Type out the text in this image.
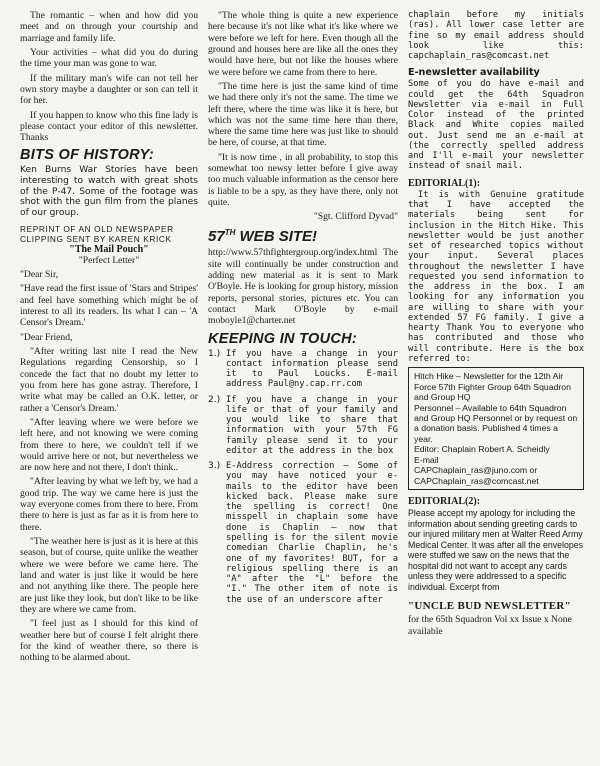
The romantic – when and how did you meet and on through your courtship and marriage and family life.

Your activities – what did you do during the time your man was gone to war.

If the military man's wife can not tell her own story maybe a daughter or son can tell it for her.

If you happen to know who this fine lady is please contact your editor of this newsletter. Thanks

BITS OF HISTORY:

Ken Burns War Stories have been interesting to watch with great shots of the P-47. Some of the footage was shot with the gun film from the planes of our group.

REPRINT OF AN OLD NEWSPAPER CLIPPING SENT BY KAREN KRICK
"The Mail Pouch"
"Perfect Letter"

"Dear Sir,

"Have read the first issue of 'Stars and Stripes' and feel have something which might be of interest to all its readers. Its what I can – 'A Censor's Dream.'

"Dear Friend,

"After writing last nite I read the New Regulations regarding Censorship, so I concede the fact that no doubt my letter to you from here has gone astray. Therefore, I write what may be called an O.K. letter, or rather a 'Censor's Dream.'

"After leaving where we were before we left here, and not knowing we were coming from there to here, we couldn't tell if we would arrive here or not, but nevertheless we are now here and not there, I don't think..

"After leaving by what we left by, we had a good trip. The way we came here is just the way everyone comes from there to here. From there to here is just as far as it is from here to there.

"The weather here is just as it is here at this season, but of course, quite unlike the weather where we were before we came here. The land and water is just like it would be here and not anything like there. The people here are just like they look, but don't like to be like they are where we came from.

"I feel just as I should for this kind of weather here but of course I felt alright there for the kind of weather there, so there is nothing to be alarmed about.

"The whole thing is quite a new experience here because it's not like what it's like where we were before we left for here. Even though all the ground and houses here are like all the ones they would have here, but not like the houses where we were before we came from there to here.

"The time here is just the same kind of time we had there only it's not the same. The time we left there, where the time was like it is here, but which was not the same time here than there, where the same time here was just like to should be here, of course, at that time.

"It is now time , in all probability, to stop this somewhat too newsy letter before I give away too much valuable information as the censor here is liable to be a spy, as they have there, only not quite.

"Sgt. Clifford Dyvad"
57TH WEB SITE!

http://www.57thfightergroup.org/index.html The site will continually be under construction and adding new material as it is sent to Mark O'Boyle. He is looking for group history, mission reports, personal stories, pictures etc. You can contact Mark O'Boyle by e-mail moboyle1@charter.net

KEEPING IN TOUCH:
1.) If you have a change in your contact information please send it to Paul Loucks. E-mail address Paul@ny.cap.rr.com
2.) If you have a change in your life or that of your family and you would like to share that information with your 57th FG family please send it to your editor at the address in the box
3.) E-Address correction – Some of you may have noticed your e-mails to the editor have been kicked back. Please make sure the spelling is correct! One misspell in chaplain some have done is Chaplin – now that spelling is for the silent movie comedian Charlie Chaplin, he's one of my favorites! BUT, for a religious spelling there is an "A" after the "L" before the "I." The other item of note is the use of an underscore after

chaplain before my initials (ras). All lower case letter are fine so my email address should look like this: capchaplain_ras@comcast.net

E-newsletter availability

Some of you do have e-mail and could get the 64th Squadron Newsletter via e-mail in Full Color instead of the printed Black and White copies mailed out. Just send me an e-mail at (the correctly spelled address and I'll e-mail your newsletter instead of snail mail.

EDITORIAL(1):

It is with Genuine gratitude that I have accepted the materials being sent for inclusion in the Hitch Hike. This newsletter would be just another set of researched topics without your input. Several places throughout the newsletter I have requested you send information to the address in the box. I am looking for any information you are willing to share with your extended 57 FG family. I give a hearty Thank You to everyone who has contributed and those who will contribute. Here is the box referred to:

Hitch Hike – Newsletter for the 12th Air Force 57th Fighter Group 64th Squadron and Group HQ

Personnel – Available to 64th Squadron and Group HQ Personnel or by request on a donation basis. Published 4 times a year.

Editor: Chaplain Robert A. Scheidly

E-mail

CAPChaplain_ras@juno.com or

CAPChaplain_ras@comcast.net

EDITORIAL(2):

Please accept my apology for including the information about sending greeting cards to our injured military men at Walter Reed Army Medical Center. It was after all the envelopes were stuffed we saw on the news that the hospital did not want to accept any cards unless they were addressed to a specific individual. Excerpt from

"UNCLE BUD NEWSLETTER"

for the 65th Squadron Vol xx Issue x None available
